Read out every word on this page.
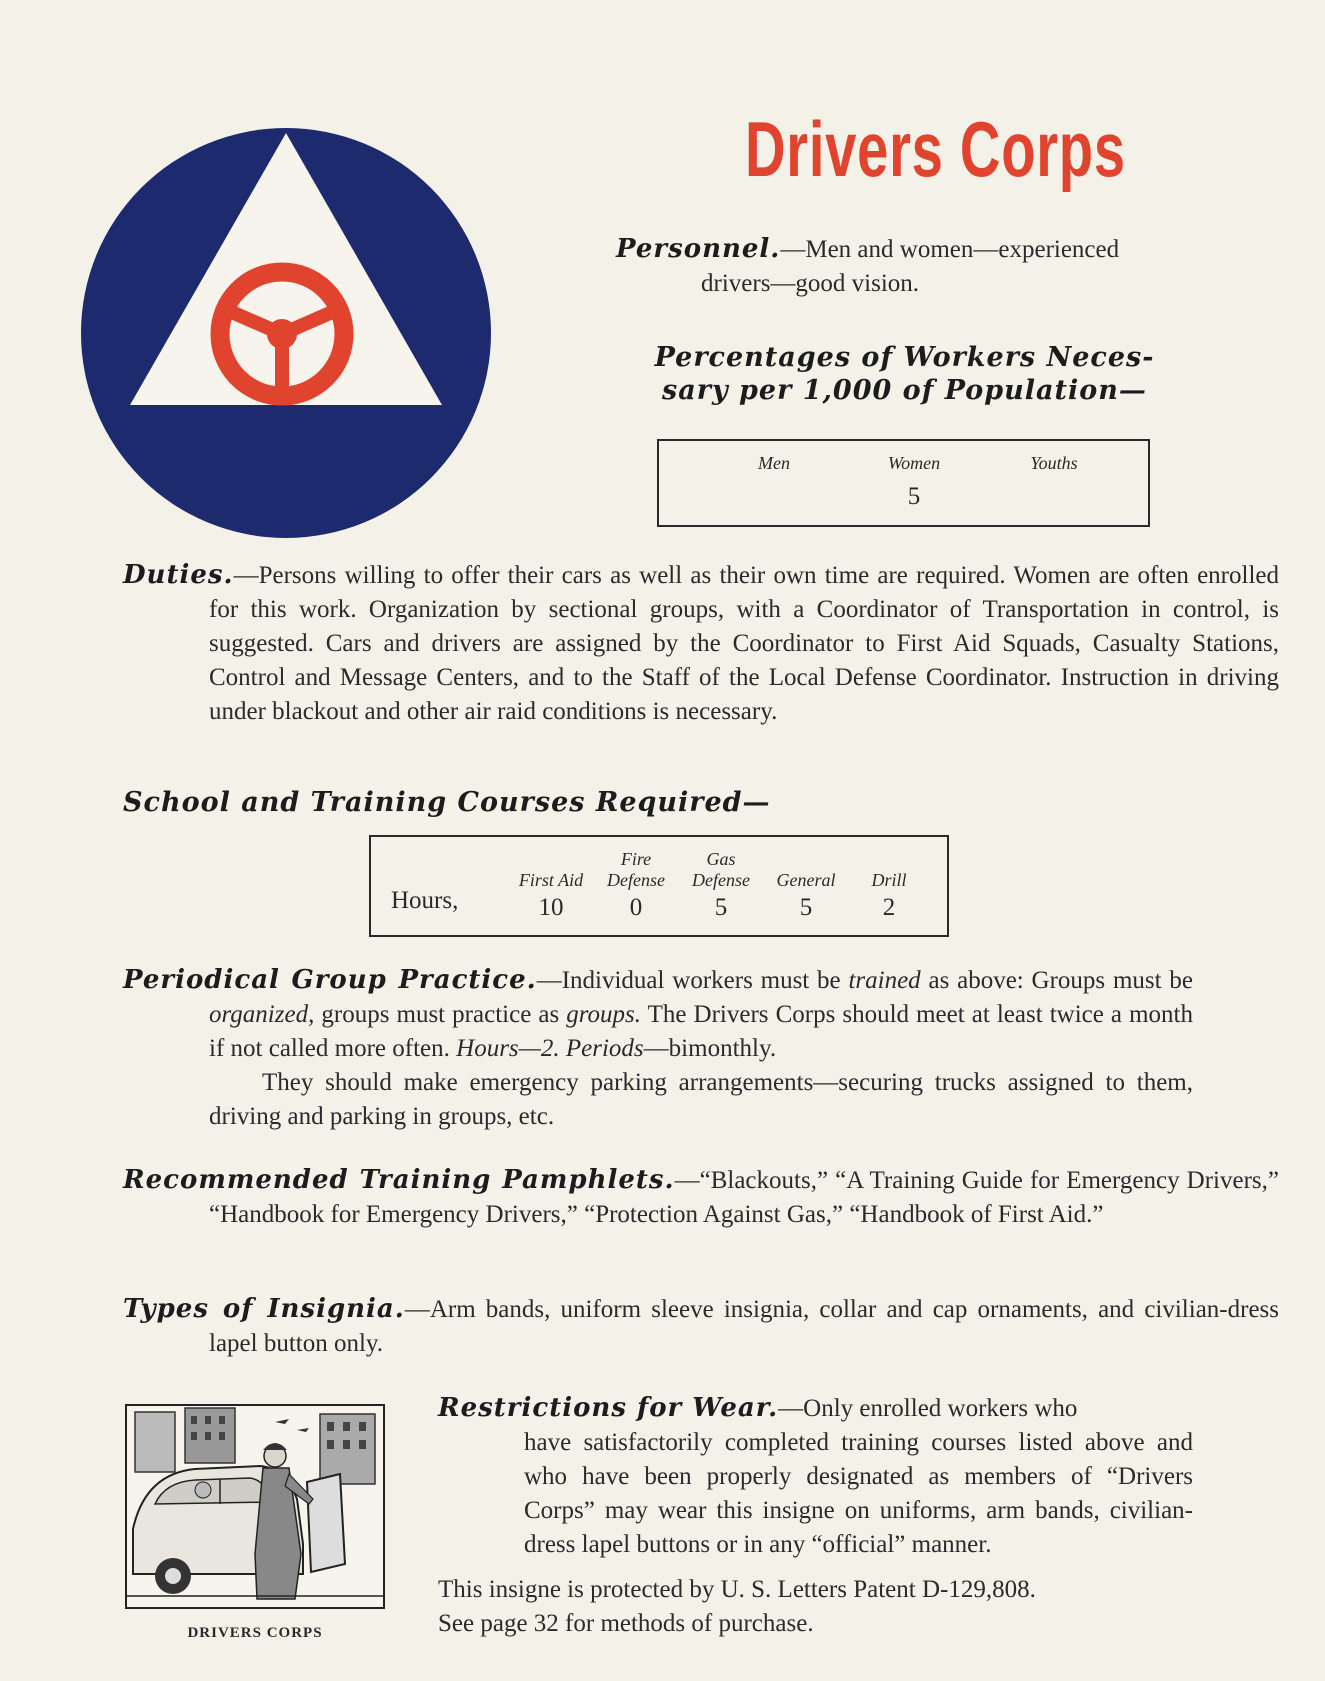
Drivers Corps
Personnel.—Men and women—experienced
drivers—good vision.
Percentages of Workers Neces-
sary per 1,000 of Population—
Men	Women	Youths
5
Duties.—Persons willing to offer their cars as well as their own time are required. Women are often enrolled for this work. Organization by sectional groups, with a Coordinator of Transportation in control, is suggested. Cars and drivers are assigned by the Coordinator to First Aid Squads, Casualty Stations, Control and Message Centers, and to the Staff of the Local Defense Coordinator. Instruction in driving under blackout and other air raid conditions is necessary.
School and Training Courses Required—
Hours,
First Aid
10
Fire
Defense
0
Gas
Defense
5
General
5
Drill
2
Periodical Group Practice.—Individual workers must be trained as above: Groups must be organized, groups must practice as groups. The Drivers Corps should meet at least twice a month if not called more often. Hours—2. Periods—bimonthly.
They should make emergency parking arrangements—securing trucks assigned to them, driving and parking in groups, etc.
Recommended Training Pamphlets.—“Blackouts,” “A Training Guide for Emergency Drivers,” “Handbook for Emergency Drivers,” “Protection Against Gas,” “Handbook of First Aid.”
Types of Insignia.—Arm bands, uniform sleeve insignia, collar and cap ornaments, and civilian-dress lapel button only.
DRIVERS CORPS
Restrictions for Wear.—Only enrolled workers who
have satisfactorily completed training courses listed above and who have been properly designated as members of “Drivers Corps” may wear this insigne on uniforms, arm bands, civilian-dress lapel buttons or in any “official” manner.
This insigne is protected by U. S. Letters Patent D-129,808.
See page 32 for methods of purchase.
